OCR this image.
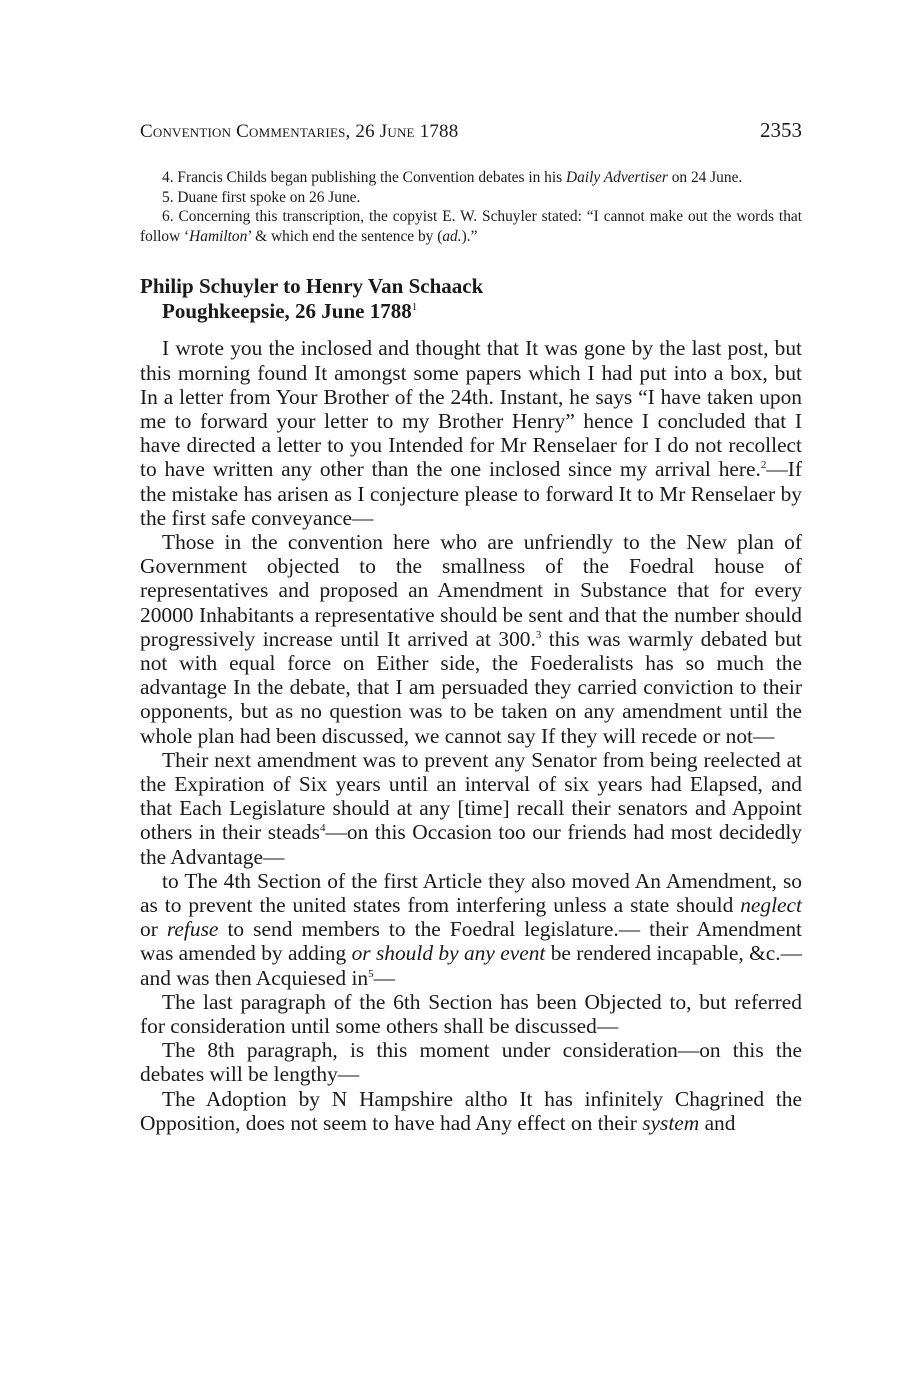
Convention Commentaries, 26 June 1788	2353
4. Francis Childs began publishing the Convention debates in his Daily Advertiser on 24 June.
5. Duane first spoke on 26 June.
6. Concerning this transcription, the copyist E. W. Schuyler stated: “I cannot make out the words that follow ‘Hamilton’ & which end the sentence by (ad.).”
Philip Schuyler to Henry Van Schaack
Poughkeepsie, 26 June 1788$^1$
I wrote you the inclosed and thought that It was gone by the last post, but this morning found It amongst some papers which I had put into a box, but In a letter from Your Brother of the 24th. Instant, he says “I have taken upon me to forward your letter to my Brother Henry” hence I concluded that I have directed a letter to you Intended for Mr Renselaer for I do not recollect to have written any other than the one inclosed since my arrival here.$^2$—If the mistake has arisen as I conjecture please to forward It to Mr Renselaer by the first safe conveyance—
Those in the convention here who are unfriendly to the New plan of Government objected to the smallness of the Foedral house of representatives and proposed an Amendment in Substance that for every 20000 Inhabitants a representative should be sent and that the number should progressively increase until It arrived at 300.$^3$ this was warmly debated but not with equal force on Either side, the Foederalists has so much the advantage In the debate, that I am persuaded they carried conviction to their opponents, but as no question was to be taken on any amendment until the whole plan had been discussed, we cannot say If they will recede or not—
Their next amendment was to prevent any Senator from being reelected at the Expiration of Six years until an interval of six years had Elapsed, and that Each Legislature should at any [time] recall their senators and Appoint others in their steads$^4$—on this Occasion too our friends had most decidedly the Advantage—
to The 4th Section of the first Article they also moved An Amendment, so as to prevent the united states from interfering unless a state should neglect or refuse to send members to the Foedral legislature.— their Amendment was amended by adding or should by any event be rendered incapable, &c.—and was then Acquiesed $in^5—$
The last paragraph of the 6th Section has been Objected to, but referred for consideration until some others shall be discussed—
The 8th paragraph, is this moment under consideration—on this the debates will be lengthy—
The Adoption by N Hampshire altho It has infinitely Chagrined the Opposition, does not seem to have had Any effect on their system and
